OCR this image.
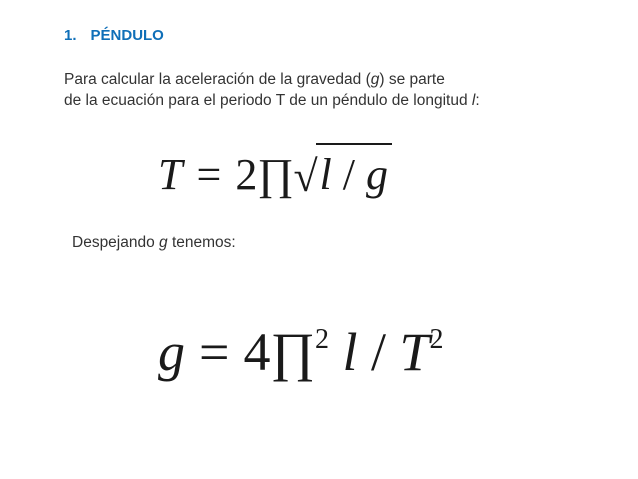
1. PÉNDULO
Para calcular la aceleración de la gravedad (g) se parte
de la ecuación para el periodo T de un péndulo de longitud l:
T = 2∏ √ l / g
Despejando g tenemos:
g = 4∏$^2$ l / $T^2$
